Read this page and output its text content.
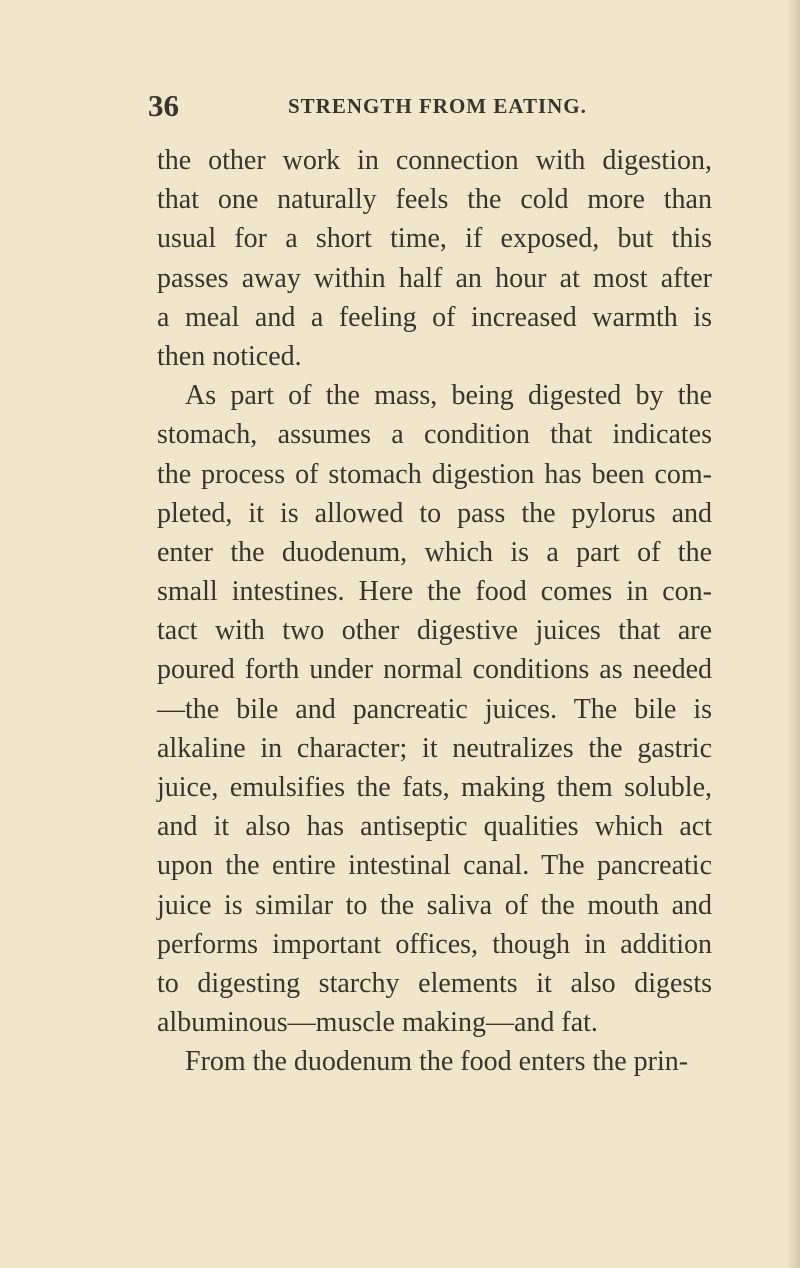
36	STRENGTH FROM EATING.
the other work in connection with digestion,
that one naturally feels the cold more than
usual for a short time, if exposed, but this
passes away within half an hour at most after
a meal and a feeling of increased warmth is
then noticed.
As part of the mass, being digested by the
stomach, assumes a condition that indicates
the process of stomach digestion has been com-
pleted, it is allowed to pass the pylorus and
enter the duodenum, which is a part of the
small intestines. Here the food comes in con-
tact with two other digestive juices that are
poured forth under normal conditions as needed
—the bile and pancreatic juices. The bile is
alkaline in character; it neutralizes the gastric
juice, emulsifies the fats, making them soluble,
and it also has antiseptic qualities which act
upon the entire intestinal canal. The pancreatic
juice is similar to the saliva of the mouth and
performs important offices, though in addition
to digesting starchy elements it also digests
albuminous—muscle making—and fat.
From the duodenum the food enters the prin-
